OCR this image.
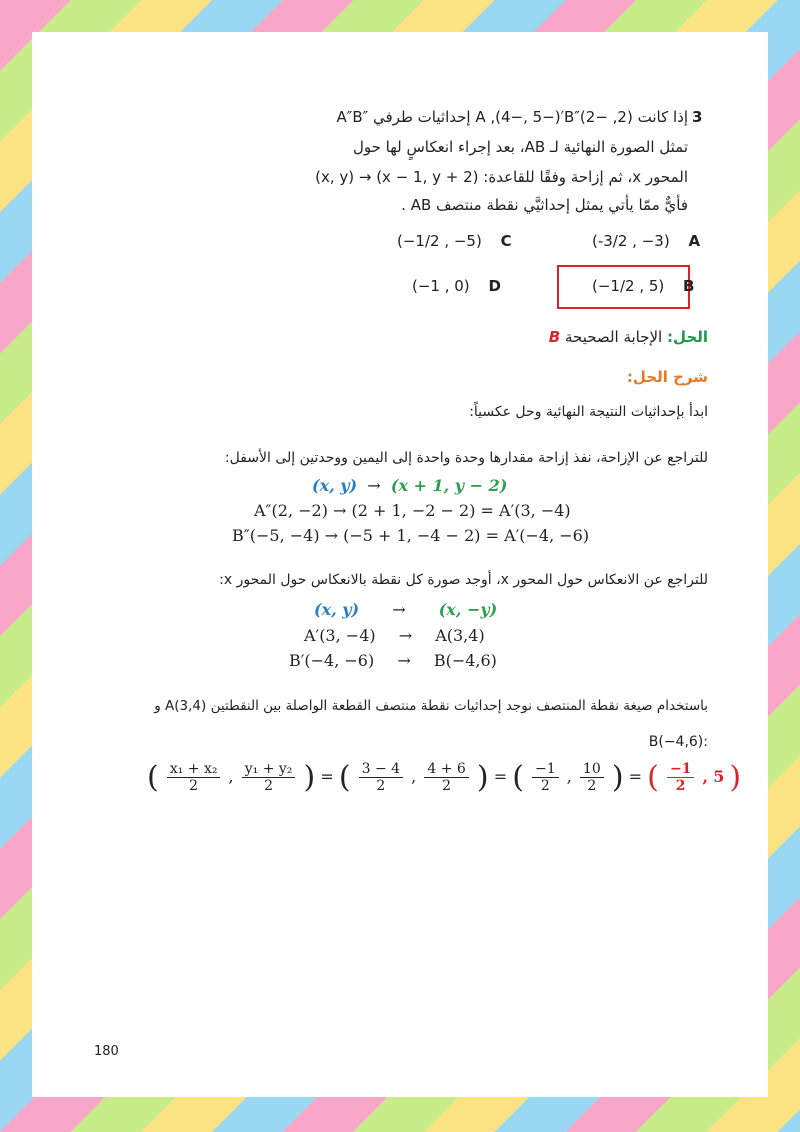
3
إذا كانت (2, −2)″A ,(4−, 5−)′B إحداثيات طرفي ″A″B
تمثل الصورة النهائية لـ AB، بعد إجراء انعكاسٍ لها حول
المحور x، ثم إزاحة وفقًا للقاعدة: (2 + x − 1, y) → (x, y)
فأيٌّ ممّا يأتي يمثل إحداثيَّي نقطة منتصف AB .
(-3/2 , −3) A
(−1/2 , −5) C
(−1/2 , 5) B
(−1 , 0) D
الحل: الإجابة الصحيحة B
شرح الحل:
ابدأ بإحداثيات النتيجة النهائية وحل عكسياً:
للتراجع عن الإزاحة، نفذ إزاحة مقدارها وحدة واحدة إلى اليمين ووحدتين إلى الأسفل:
(x, y) → (x + 1, y − 2)
A″(2, −2) → (2 + 1, −2 − 2) = A′(3, −4)
B″(−5, −4) → (−5 + 1, −4 − 2) = A′(−4, −6)
للتراجع عن الانعكاس حول المحور x، أوجد صورة كل نقطة بالانعكاس حول المحور x:
(x, y) → (x, −y)
A′(3, −4) → A(3,4)
B′(−4, −6) → B(−4,6)
باستخدام صيغة نقطة المنتصف نوجد إحداثيات نقطة منتصف القطعة الواصلة بين النقطتين A(3,4) و
:B(−4,6)
( $\frac{\text{x₁ + x₂}}{2}$ , $\frac{\text{y₁ + y₂}}{2}$ ) = ( $\frac{3 - 4}{2}$ , $\frac{4 + 6}{2}$ ) = ( $\frac{-1}{2}$ , $\frac{10}{2}$ ) = ( $\frac{-1}{2}$ , 5 )
180
